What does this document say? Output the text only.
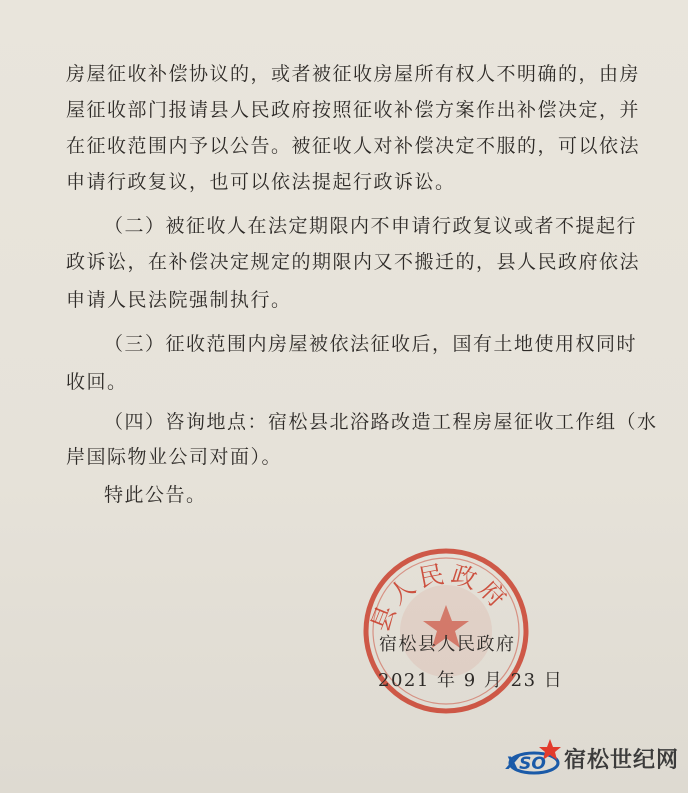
房屋征收补偿协议的，或者被征收房屋所有权人不明确的，由房
屋征收部门报请县人民政府按照征收补偿方案作出补偿决定，并
在征收范围内予以公告。被征收人对补偿决定不服的，可以依法
申请行政复议，也可以依法提起行政诉讼。
（二）被征收人在法定期限内不申请行政复议或者不提起行
政诉讼，在补偿决定规定的期限内又不搬迁的，县人民政府依法
申请人民法院强制执行。
（三）征收范围内房屋被依法征收后，国有土地使用权同时
收回。
（四）咨询地点：宿松县北浴路改造工程房屋征收工作组（水
岸国际物业公司对面）。
特此公告。
县人民政府
宿松县人民政府
2021 年 9 月 23 日
XSO 宿松世纪网
